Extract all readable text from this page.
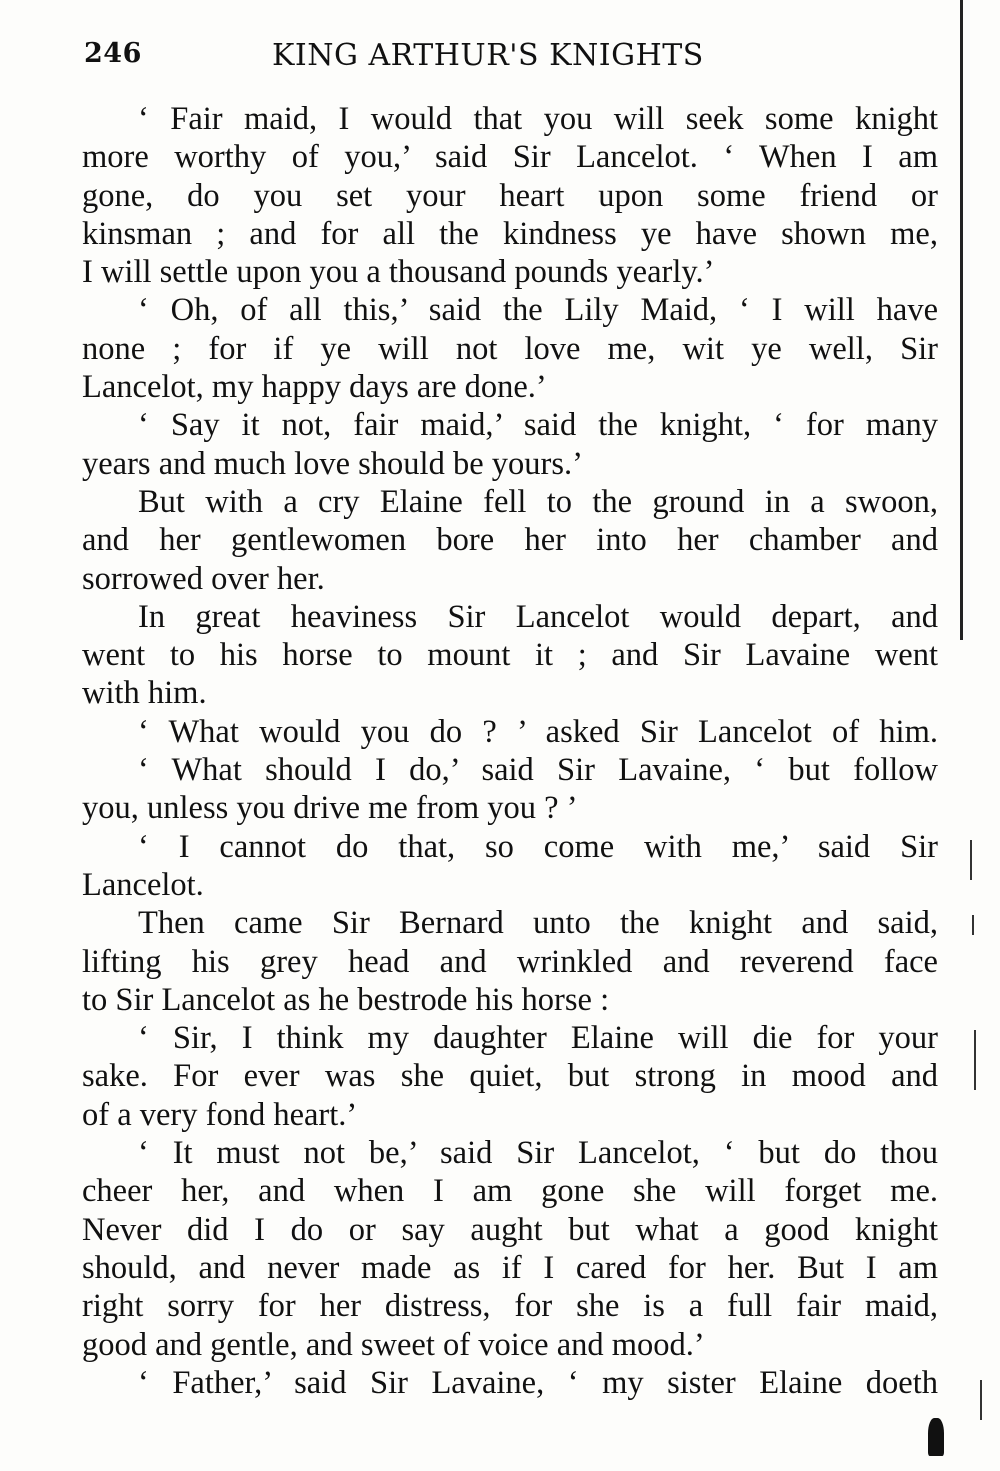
246	KING ARTHUR'S KNIGHTS
‘ Fair maid, I would that you will seek some knight
more worthy of you,’ said Sir Lancelot. ‘ When I am
gone, do you set your heart upon some friend or
kinsman ; and for all the kindness ye have shown me,
I will settle upon you a thousand pounds yearly.’
‘ Oh, of all this,’ said the Lily Maid, ‘ I will have
none ; for if ye will not love me, wit ye well, Sir
Lancelot, my happy days are done.’
‘ Say it not, fair maid,’ said the knight, ‘ for many
years and much love should be yours.’
But with a cry Elaine fell to the ground in a swoon,
and her gentlewomen bore her into her chamber and
sorrowed over her.
In great heaviness Sir Lancelot would depart, and
went to his horse to mount it ; and Sir Lavaine went
with him.
‘ What would you do ? ’ asked Sir Lancelot of him.
‘ What should I do,’ said Sir Lavaine, ‘ but follow
you, unless you drive me from you ? ’
‘ I cannot do that, so come with me,’ said Sir
Lancelot.
Then came Sir Bernard unto the knight and said,
lifting his grey head and wrinkled and reverend face
to Sir Lancelot as he bestrode his horse :
‘ Sir, I think my daughter Elaine will die for your
sake. For ever was she quiet, but strong in mood and
of a very fond heart.’
‘ It must not be,’ said Sir Lancelot, ‘ but do thou
cheer her, and when I am gone she will forget me.
Never did I do or say aught but what a good knight
should, and never made as if I cared for her. But I am
right sorry for her distress, for she is a full fair maid,
good and gentle, and sweet of voice and mood.’
‘ Father,’ said Sir Lavaine, ‘ my sister Elaine doeth
